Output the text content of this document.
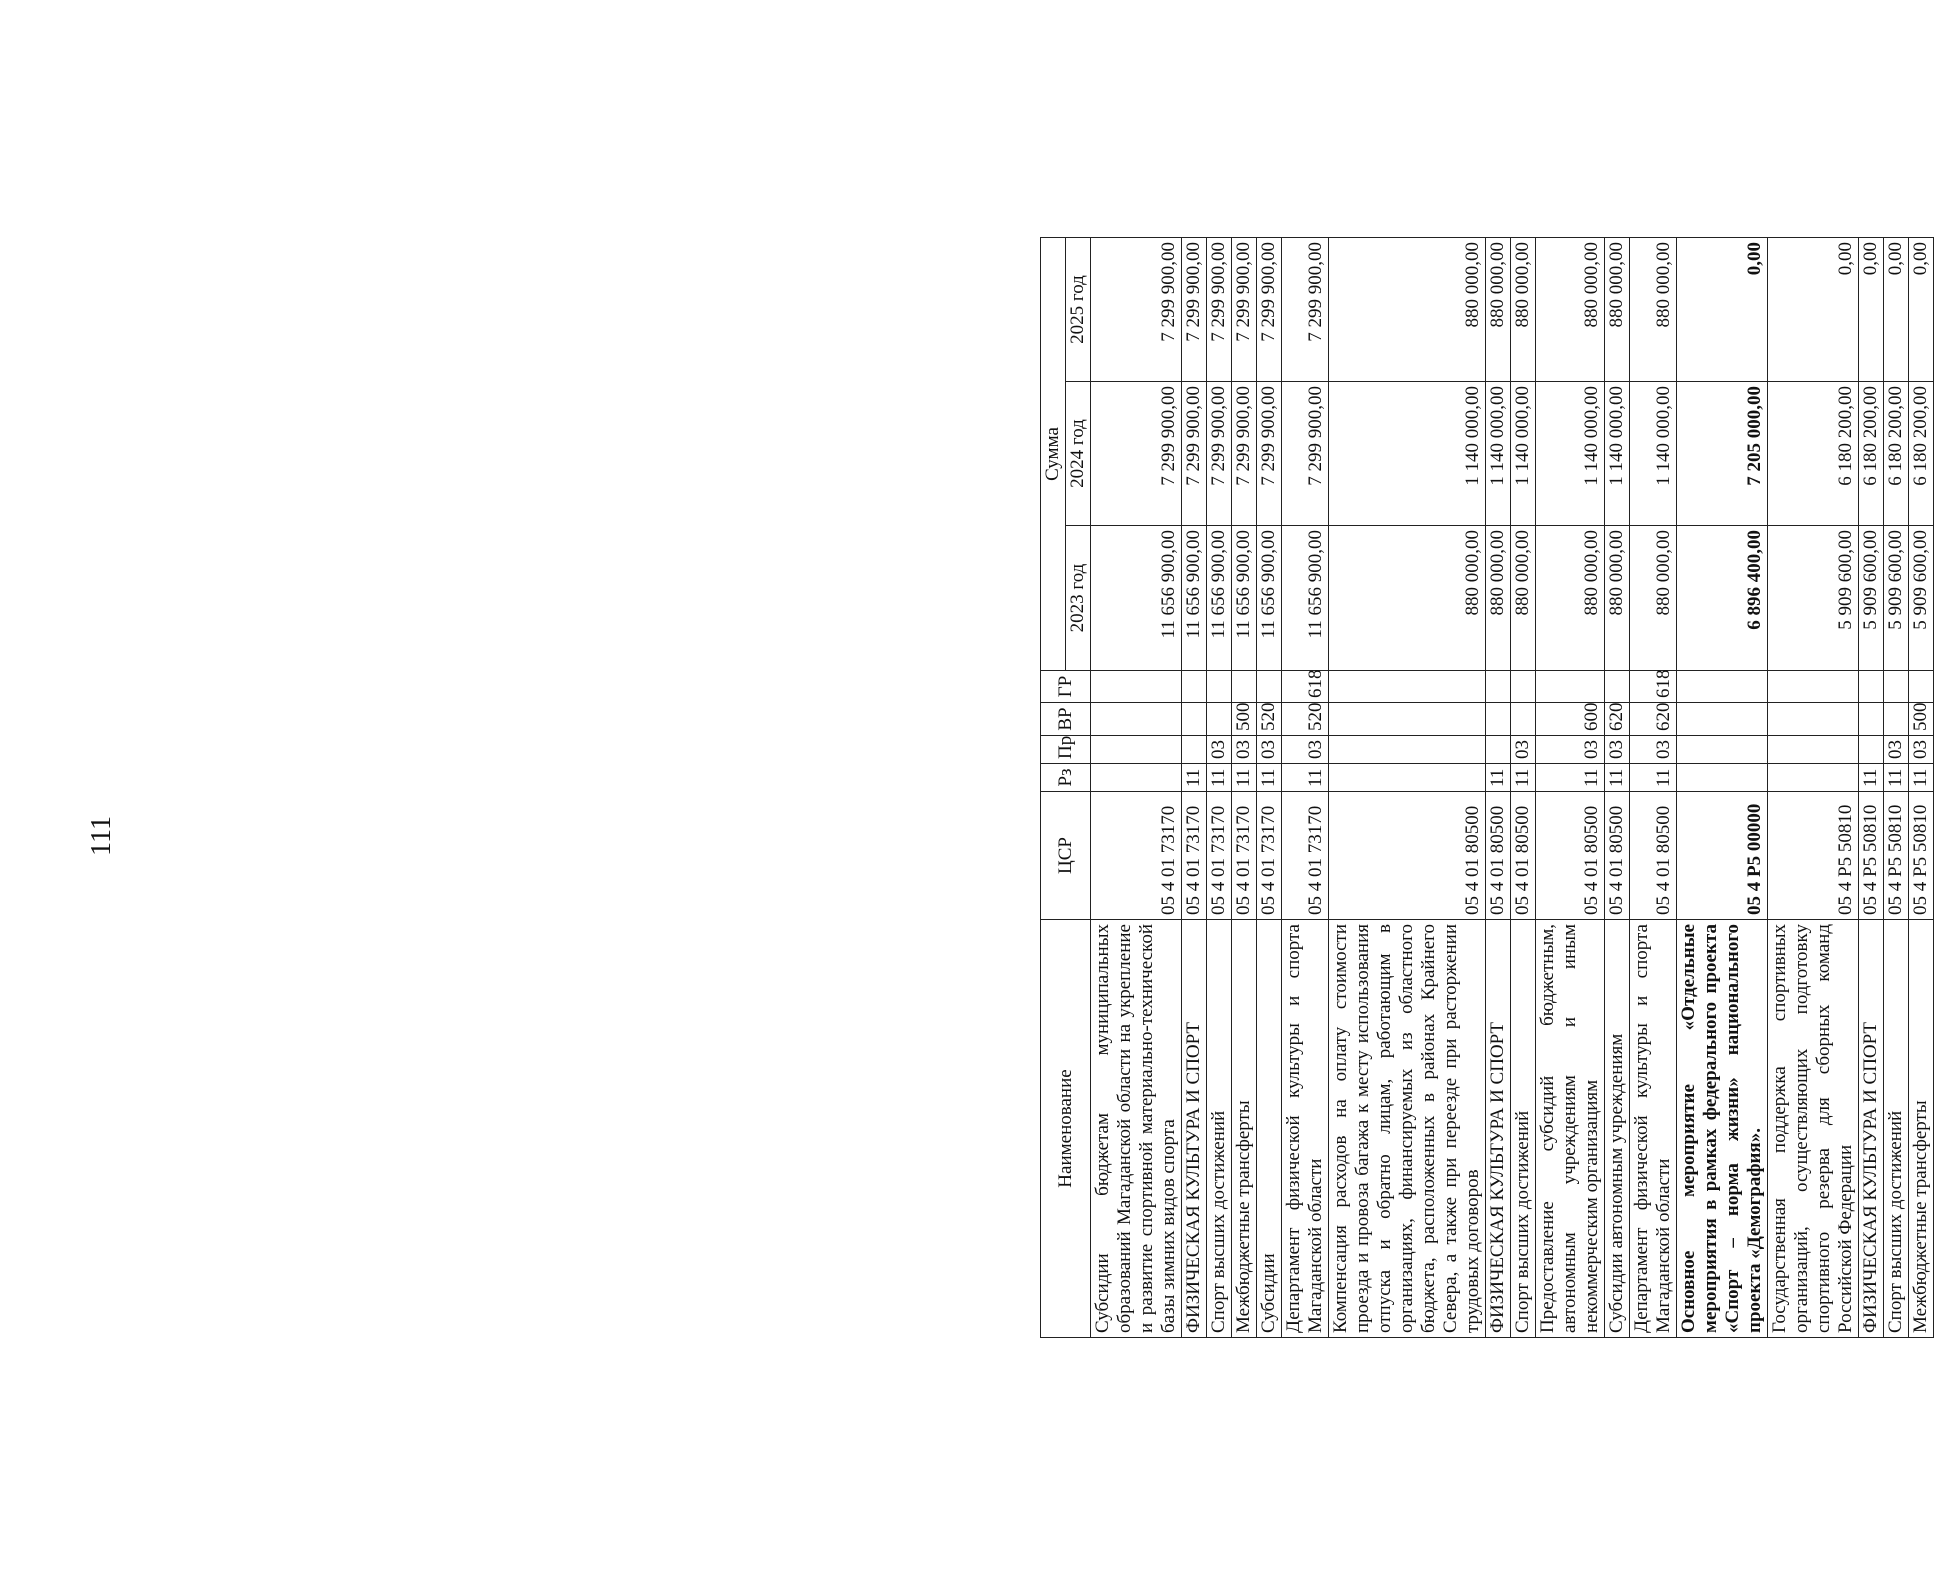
111
Наименование	ЦСР	Рз	Пр	ВР	ГР	Сумма		
						2023 год	2024 год	2025 год
Субсидии бюджетам муниципальных образований Магаданской области на укрепление и развитие спортивной материально-технической базы зимних видов спорта	05 4 01 73170					11 656 900,00	7 299 900,00	7 299 900,00
ФИЗИЧЕСКАЯ КУЛЬТУРА И СПОРТ	05 4 01 73170	11				11 656 900,00	7 299 900,00	7 299 900,00
Спорт высших достижений	05 4 01 73170	11	03			11 656 900,00	7 299 900,00	7 299 900,00
Межбюджетные трансферты	05 4 01 73170	11	03	500		11 656 900,00	7 299 900,00	7 299 900,00
Субсидии	05 4 01 73170	11	03	520		11 656 900,00	7 299 900,00	7 299 900,00
Департамент физической культуры и спорта Магаданской области	05 4 01 73170	11	03	520	618	11 656 900,00	7 299 900,00	7 299 900,00
Компенсация расходов на оплату стоимости проезда и провоза багажа к месту использования отпуска и обратно лицам, работающим в организациях, финансируемых из областного бюджета, расположенных в районах Крайнего Севера, а также при переезде при расторжении трудовых договоров	05 4 01 80500					880 000,00	1 140 000,00	880 000,00
ФИЗИЧЕСКАЯ КУЛЬТУРА И СПОРТ	05 4 01 80500	11				880 000,00	1 140 000,00	880 000,00
Спорт высших достижений	05 4 01 80500	11	03			880 000,00	1 140 000,00	880 000,00
Предоставление субсидий бюджетным, автономным учреждениям и иным некоммерческим организациям	05 4 01 80500	11	03	600		880 000,00	1 140 000,00	880 000,00
Субсидии автономным учреждениям	05 4 01 80500	11	03	620		880 000,00	1 140 000,00	880 000,00
Департамент физической культуры и спорта Магаданской области	05 4 01 80500	11	03	620	618	880 000,00	1 140 000,00	880 000,00
Основное мероприятие «Отдельные мероприятия в рамках федерального проекта «Спорт – норма жизни» национального проекта «Демография».	05 4 P5 00000					6 896 400,00	7 205 000,00	0,00
Государственная поддержка спортивных организаций, осуществляющих подготовку спортивного резерва для сборных команд Российской Федерации	05 4 P5 50810					5 909 600,00	6 180 200,00	0,00
ФИЗИЧЕСКАЯ КУЛЬТУРА И СПОРТ	05 4 P5 50810	11				5 909 600,00	6 180 200,00	0,00
Спорт высших достижений	05 4 P5 50810	11	03			5 909 600,00	6 180 200,00	0,00
Межбюджетные трансферты	05 4 P5 50810	11	03	500		5 909 600,00	6 180 200,00	0,00
